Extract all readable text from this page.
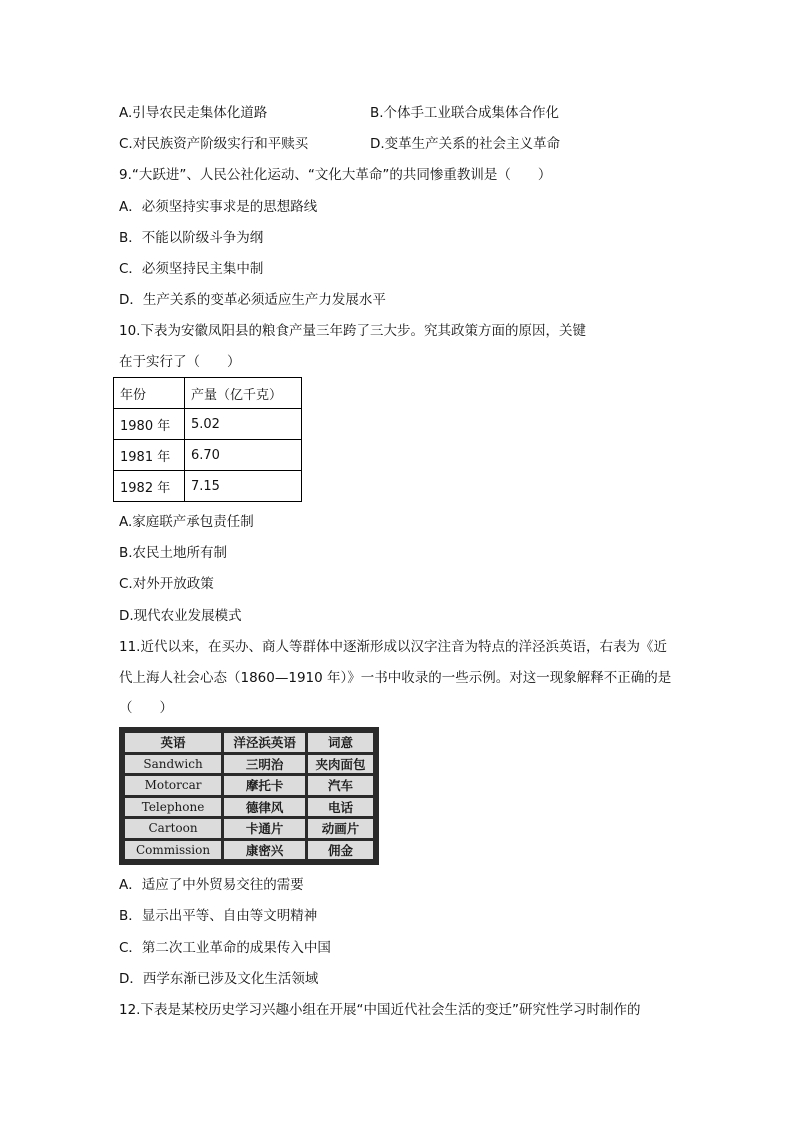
A.引导农民走集体化道路	B.个体手工业联合成集体合作化
C.对民族资产阶级实行和平赎买	D.变革生产关系的社会主义革命
9.“大跃进”、人民公社化运动、“文化大革命”的共同惨重教训是（　　）
A．必须坚持实事求是的思想路线
B．不能以阶级斗争为纲
C．必须坚持民主集中制
D．生产关系的变革必须适应生产力发展水平
10.下表为安徽凤阳县的粮食产量三年跨了三大步。究其政策方面的原因，关键
在于实行了（　　）
年份	产量（亿千克）
1980 年	5.02
1981 年	6.70
1982 年	7.15
A.家庭联产承包责任制
B.农民土地所有制
C.对外开放政策
D.现代农业发展模式
11.近代以来，在买办、商人等群体中逐渐形成以汉字注音为特点的洋泾浜英语，右表为《近
代上海人社会心态（1860—1910 年）》一书中收录的一些示例。对这一现象解释不正确的是
（　　）
英语	洋泾浜英语	词意
Sandwich	三明治	夹肉面包
Motorcar	摩托卡	汽车
Telephone	德律风	电话
Cartoon	卡通片	动画片
Commission	康密兴	佣金
A．适应了中外贸易交往的需要
B．显示出平等、自由等文明精神
C．第二次工业革命的成果传入中国
D．西学东渐已涉及文化生活领域
12.下表是某校历史学习兴趣小组在开展“中国近代社会生活的变迁”研究性学习时制作的
